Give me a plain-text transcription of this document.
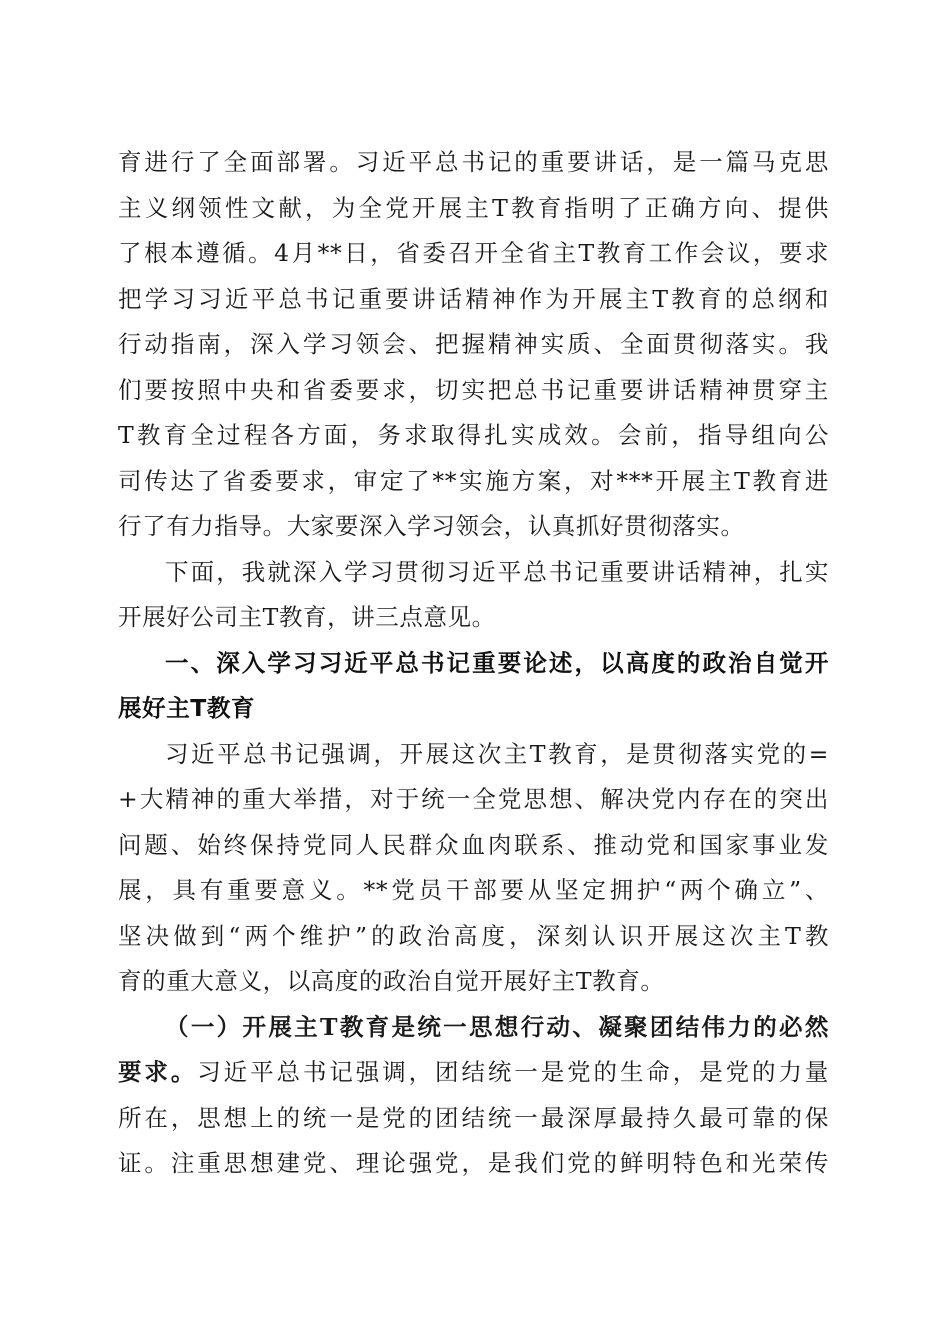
育进行了全面部署。习近平总书记的重要讲话，是一篇马克思
主义纲领性文献，为全党开展主T教育指明了正确方向、提供
了根本遵循。4月**日，省委召开全省主T教育工作会议，要求
把学习习近平总书记重要讲话精神作为开展主T教育的总纲和
行动指南，深入学习领会、把握精神实质、全面贯彻落实。我
们要按照中央和省委要求，切实把总书记重要讲话精神贯穿主
T教育全过程各方面，务求取得扎实成效。会前，指导组向公
司传达了省委要求，审定了**实施方案，对***开展主T教育进
行了有力指导。大家要深入学习领会，认真抓好贯彻落实。
下面，我就深入学习贯彻习近平总书记重要讲话精神，扎实
开展好公司主T教育，讲三点意见。
一、深入学习习近平总书记重要论述，以高度的政治自觉开
展好主T教育
习近平总书记强调，开展这次主T教育，是贯彻落实党的=
+大精神的重大举措，对于统一全党思想、解决党内存在的突出
问题、始终保持党同人民群众血肉联系、推动党和国家事业发
展，具有重要意义。**党员干部要从坚定拥护“两个确立”、
坚决做到“两个维护”的政治高度，深刻认识开展这次主T教
育的重大意义，以高度的政治自觉开展好主T教育。
（一）开展主T教育是统一思想行动、凝聚团结伟力的必然
要求。习近平总书记强调，团结统一是党的生命，是党的力量
所在，思想上的统一是党的团结统一最深厚最持久最可靠的保
证。注重思想建党、理论强党，是我们党的鲜明特色和光荣传
